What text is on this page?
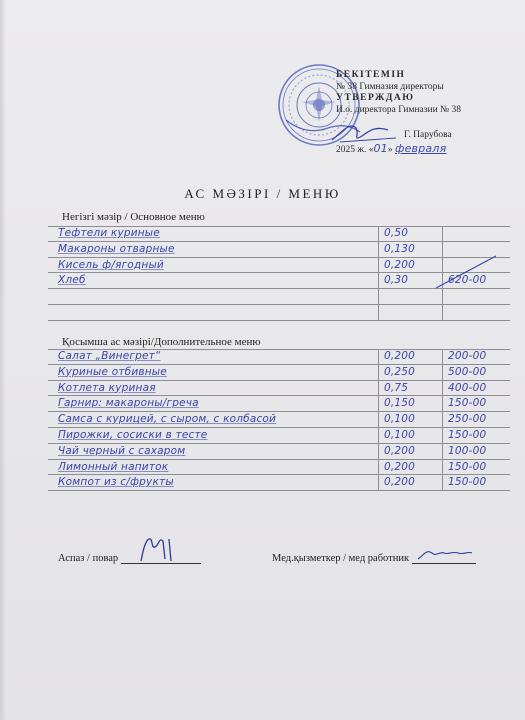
БЕКІТЕМІН
№ 38 Гимназия директоры
УТВЕРЖДАЮ
И.о. директора Гимназии № 38
Г. Парубова
2025 ж. «01» февраля
АС МӘЗІРІ / МЕНЮ
Негізгі мәзір / Основное меню
Тефтели куриные	0,50
Макароны отварные	0,130
Кисель ф/ягодный	0,200
Хлеб	0,30	620-00
Қосымша ас мәзірі/Дополнительное меню
Салат „Винегрет“	0,200	200-00
Куриные отбивные	0,250	500-00
Котлета куриная	0,75	400-00
Гарнир: макароны/греча	0,150	150-00
Самса с курицей, с сыром, с колбасой	0,100	250-00
Пирожки, сосиски в тесте	0,100	150-00
Чай черный с сахаром	0,200	100-00
Лимонный напиток	0,200	150-00
Компот из с/фрукты	0,200	150-00
Аспаз / повар	Мед.қызметкер / мед работник
